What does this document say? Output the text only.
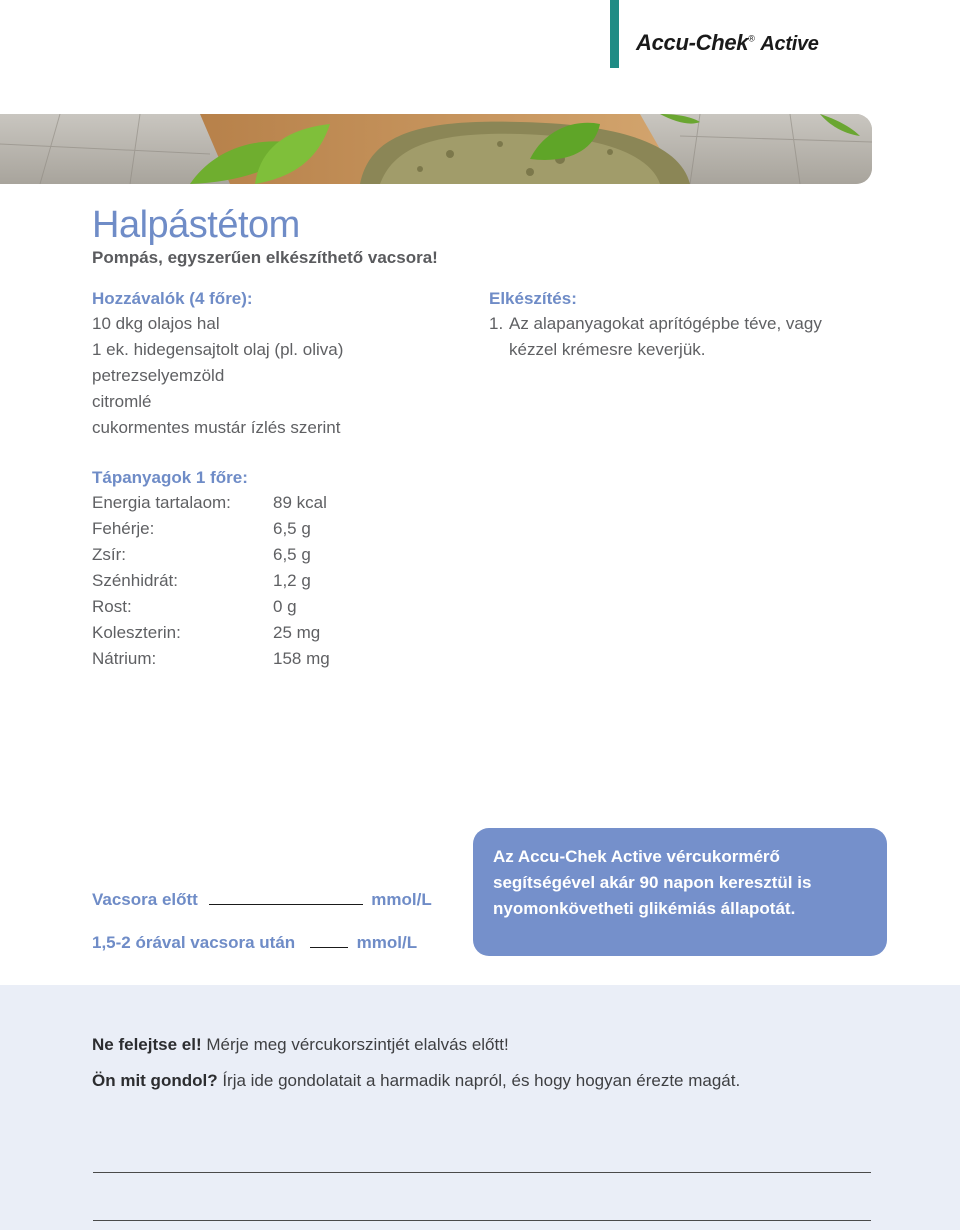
Accu-Chek® Active
Halpástétom
Pompás, egyszerűen elkészíthető vacsora!
Hozzávalók (4 főre):
10 dkg olajos hal
1 ek. hidegensajtolt olaj (pl. oliva)
petrezselyemzöld
citromlé
cukormentes mustár ízlés szerint
Elkészítés:
1. Az alapanyagokat aprítógépbe téve, vagy
kézzel krémesre keverjük.
Tápanyagok 1 főre:
Energia tartalaom:	89 kcal
Fehérje:	6,5 g
Zsír:	6,5 g
Szénhidrát:	1,2 g
Rost:	0 g
Koleszterin:	25 mg
Nátrium:	158 mg
Vacsora előtt	mmol/L
1,5-2 órával vacsora után	mmol/L
Az Accu-Chek Active vércukormérő
segítségével akár 90 napon keresztül is
nyomonkövetheti glikémiás állapotát.
Ne felejtse el! Mérje meg vércukorszintjét elalvás előtt!
Ön mit gondol? Írja ide gondolatait a harmadik napról, és hogy hogyan érezte magát.
